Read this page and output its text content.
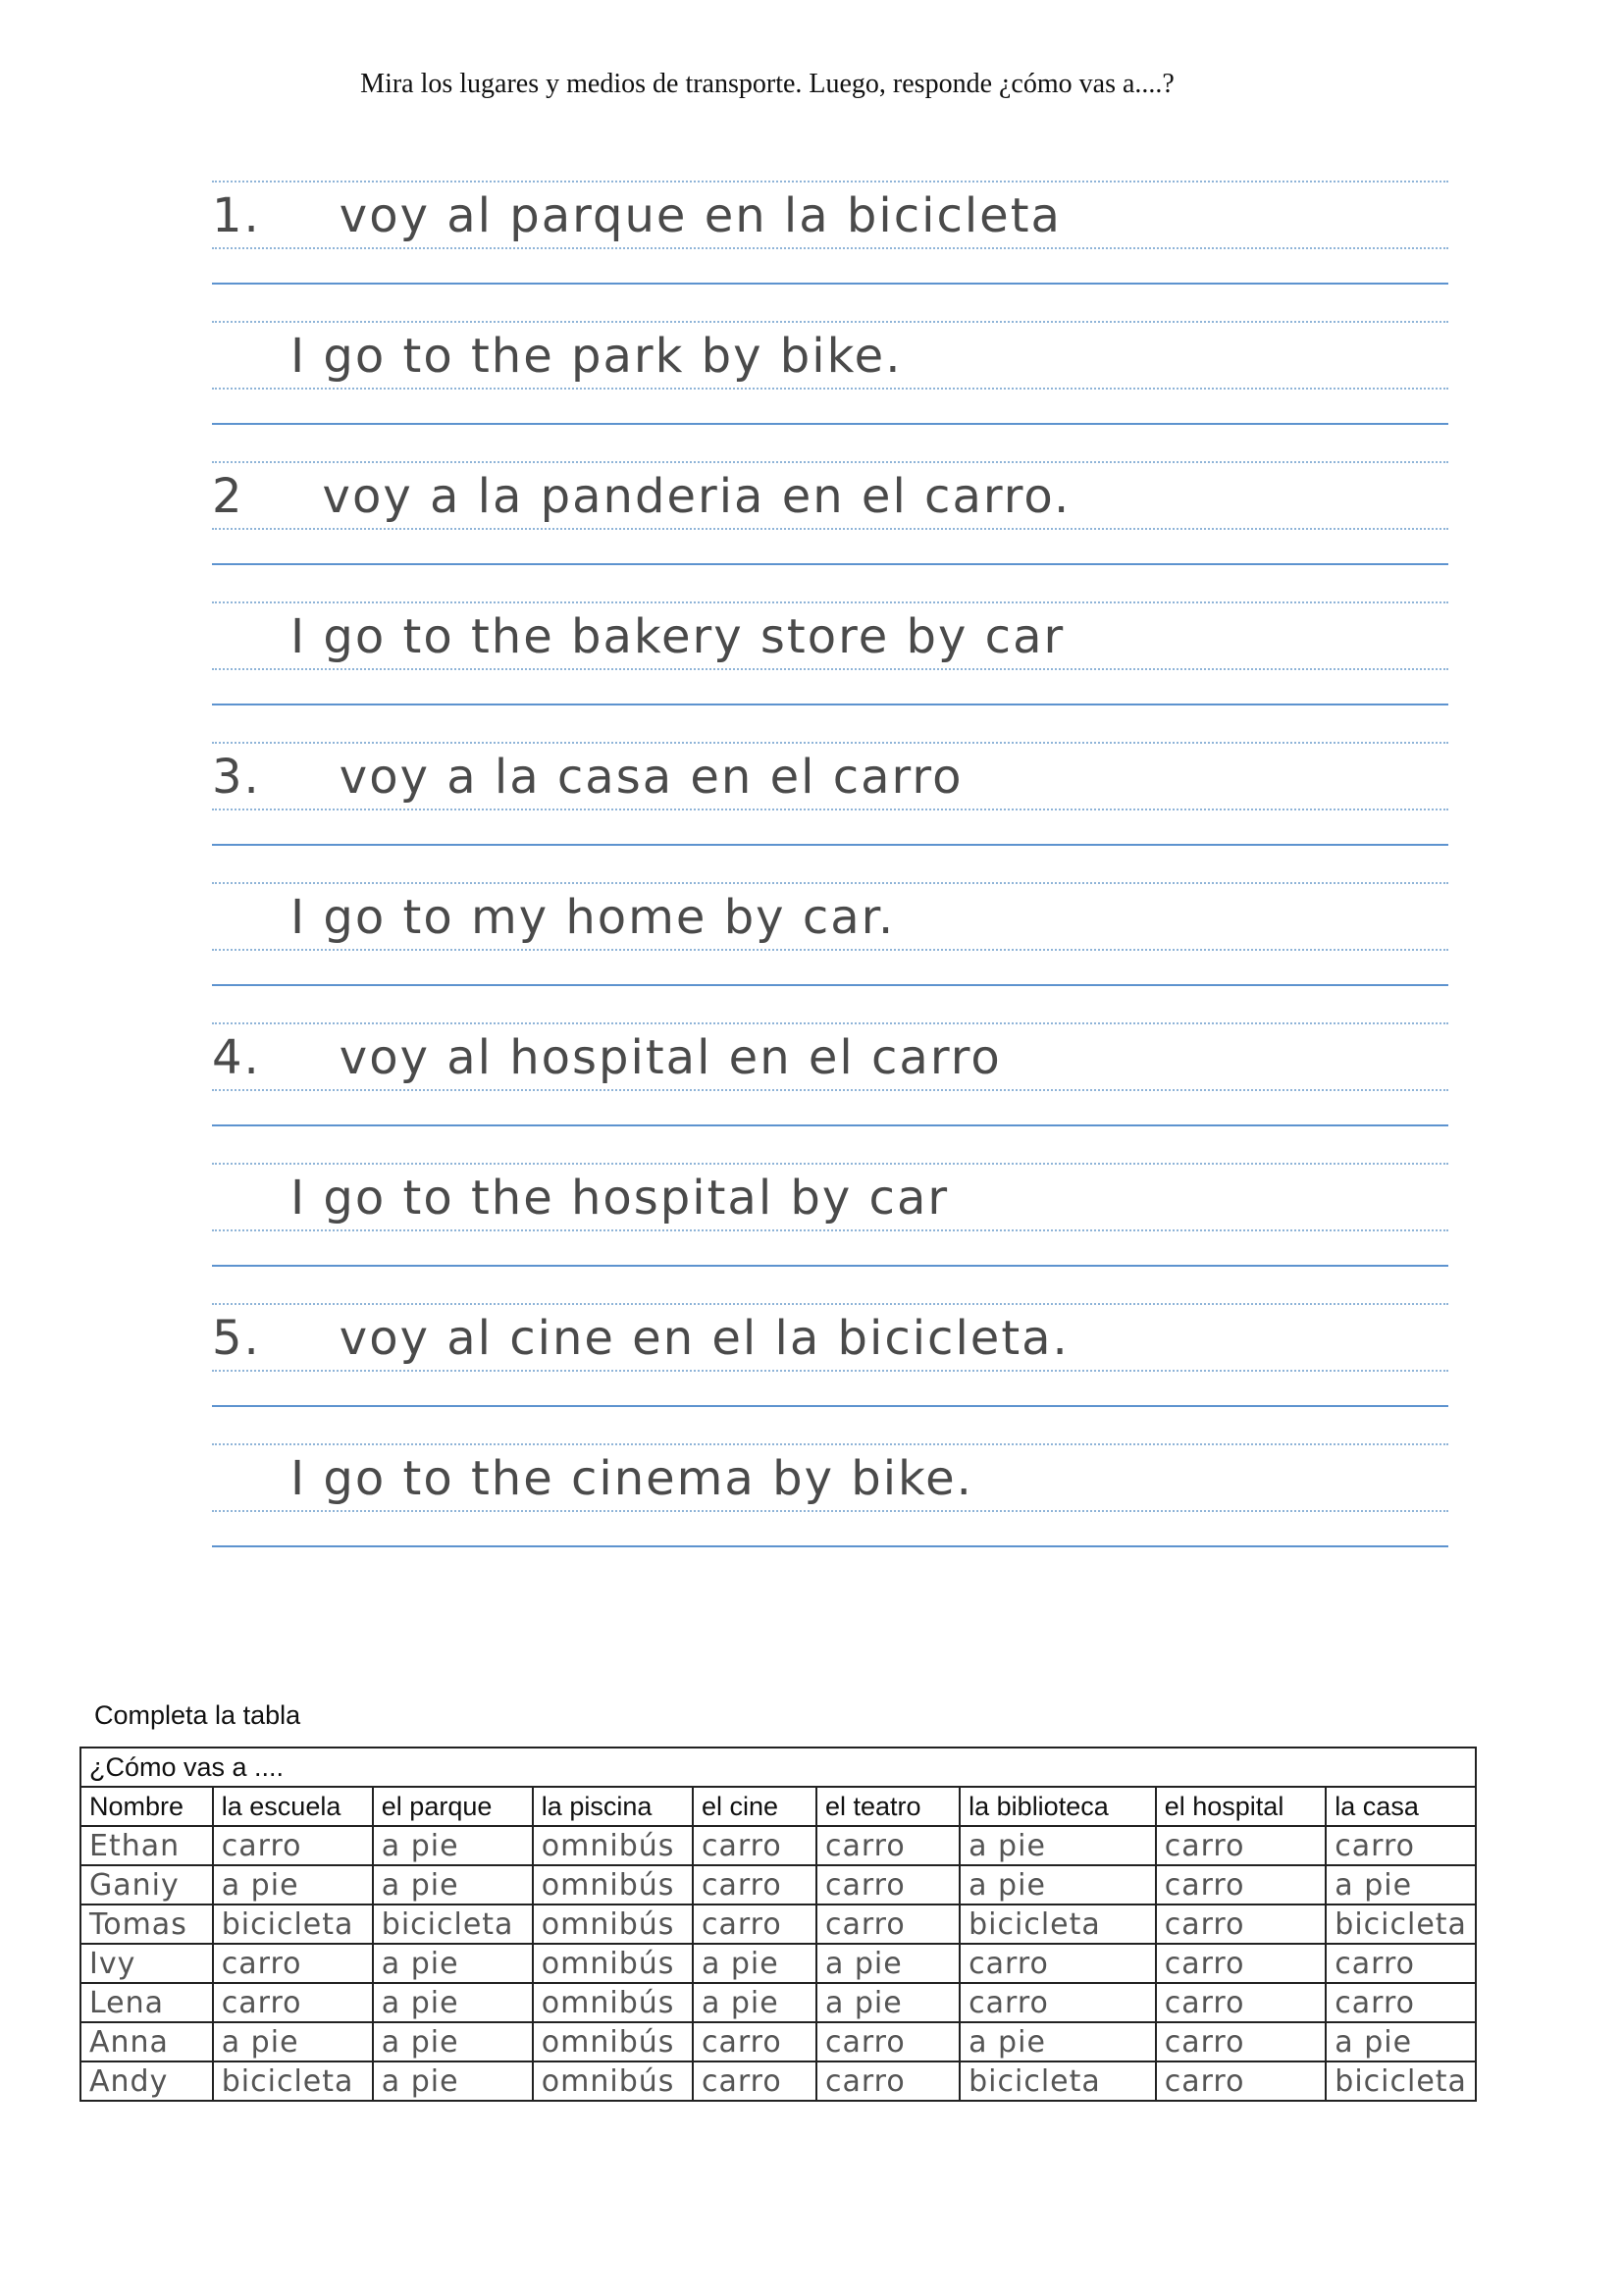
Mira los lugares y medios de transporte. Luego, responde ¿cómo vas a....?
1. voy al parque en la bicicleta
I go to the park by bike.
2 voy a la panderia en el carro.
I go to the bakery store by car
3. voy a la casa en el carro
I go to my home by car.
4. voy al hospital en el carro
I go to the hospital by car
5. voy al cine en el la bicicleta.
I go to the cinema by bike.
Completa la tabla
¿Cómo vas a ....								
Nombre	la escuela	el parque	la piscina	el cine	el teatro	la biblioteca	el hospital	la casa
Ethan	carro	a pie	omnibús	carro	carro	a pie	carro	carro
Ganiy	a pie	a pie	omnibús	carro	carro	a pie	carro	a pie
Tomas	bicicleta	bicicleta	omnibús	carro	carro	bicicleta	carro	bicicleta
Ivy	carro	a pie	omnibús	a pie	a pie	carro	carro	carro
Lena	carro	a pie	omnibús	a pie	a pie	carro	carro	carro
Anna	a pie	a pie	omnibús	carro	carro	a pie	carro	a pie
Andy	bicicleta	a pie	omnibús	carro	carro	bicicleta	carro	bicicleta
